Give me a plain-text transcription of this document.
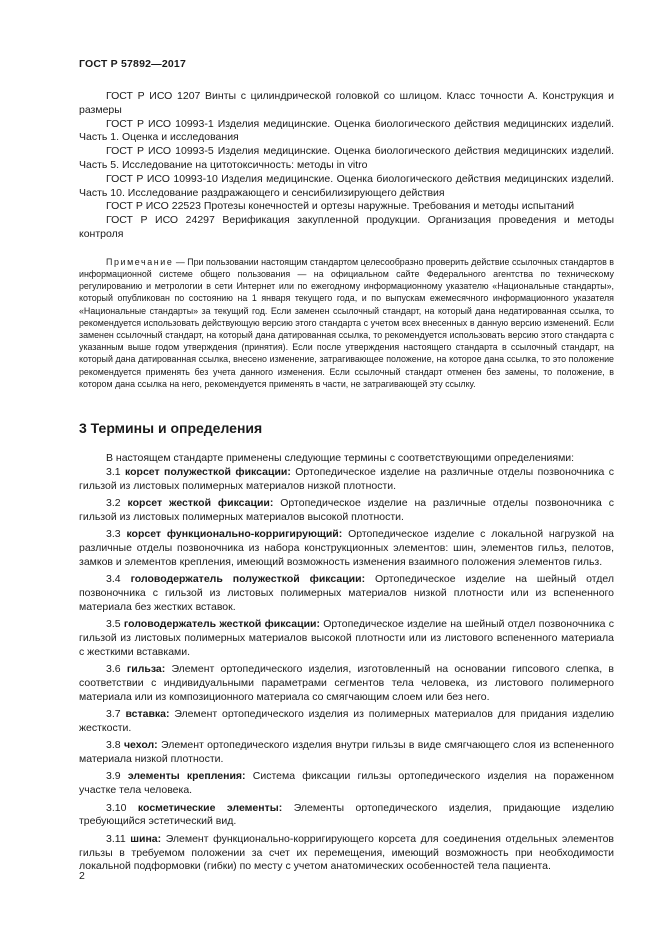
ГОСТ Р 57892—2017

ГОСТ Р ИСО 1207 Винты с цилиндрической головкой со шлицом. Класс точности А. Конструкция и размеры

ГОСТ Р ИСО 10993-1 Изделия медицинские. Оценка биологического действия медицинских изделий. Часть 1. Оценка и исследования

ГОСТ Р ИСО 10993-5 Изделия медицинские. Оценка биологического действия медицинских изделий. Часть 5. Исследование на цитотоксичность: методы in vitro

ГОСТ Р ИСО 10993-10 Изделия медицинские. Оценка биологического действия медицинских изделий. Часть 10. Исследование раздражающего и сенсибилизирующего действия

ГОСТ Р ИСО 22523 Протезы конечностей и ортезы наружные. Требования и методы испытаний

ГОСТ Р ИСО 24297 Верификация закупленной продукции. Организация проведения и методы контроля

Примечание — При пользовании настоящим стандартом целесообразно проверить действие ссылочных стандартов в информационной системе общего пользования — на официальном сайте Федерального агентства по техническому регулированию и метрологии в сети Интернет или по ежегодному информационному указателю «Национальные стандарты», который опубликован по состоянию на 1 января текущего года, и по выпускам ежемесячного информационного указателя «Национальные стандарты» за текущий год. Если заменен ссылочный стандарт, на который дана недатированная ссылка, то рекомендуется использовать действующую версию этого стандарта с учетом всех внесенных в данную версию изменений. Если заменен ссылочный стандарт, на который дана датированная ссылка, то рекомендуется использовать версию этого стандарта с указанным выше годом утверждения (принятия). Если после утверждения настоящего стандарта в ссылочный стандарт, на который дана датированная ссылка, внесено изменение, затрагивающее положение, на которое дана ссылка, то это положение рекомендуется применять без учета данного изменения. Если ссылочный стандарт отменен без замены, то положение, в котором дана ссылка на него, рекомендуется применять в части, не затрагивающей эту ссылку.

3 Термины и определения

В настоящем стандарте применены следующие термины с соответствующими определениями:

3.1 корсет полужесткой фиксации: Ортопедическое изделие на различные отделы позвоночника с гильзой из листовых полимерных материалов низкой плотности.

3.2 корсет жесткой фиксации: Ортопедическое изделие на различные отделы позвоночника с гильзой из листовых полимерных материалов высокой плотности.

3.3 корсет функционально-корригирующий: Ортопедическое изделие с локальной нагрузкой на различные отделы позвоночника из набора конструкционных элементов: шин, элементов гильз, пелотов, замков и элементов крепления, имеющий возможность изменения взаимного положения элементов гильз.

3.4 головодержатель полужесткой фиксации: Ортопедическое изделие на шейный отдел позвоночника с гильзой из листовых полимерных материалов низкой плотности или из вспененного материала без жестких вставок.

3.5 головодержатель жесткой фиксации: Ортопедическое изделие на шейный отдел позвоночника с гильзой из листовых полимерных материалов высокой плотности или из листового вспененного материала с жесткими вставками.

3.6 гильза: Элемент ортопедического изделия, изготовленный на основании гипсового слепка, в соответствии с индивидуальными параметрами сегментов тела человека, из листового полимерного материала или из композиционного материала со смягчающим слоем или без него.

3.7 вставка: Элемент ортопедического изделия из полимерных материалов для придания изделию жесткости.

3.8 чехол: Элемент ортопедического изделия внутри гильзы в виде смягчающего слоя из вспененного материала низкой плотности.

3.9 элементы крепления: Система фиксации гильзы ортопедического изделия на пораженном участке тела человека.

3.10 косметические элементы: Элементы ортопедического изделия, придающие изделию требующийся эстетический вид.

3.11 шина: Элемент функционально-корригирующего корсета для соединения отдельных элементов гильзы в требуемом положении за счет их перемещения, имеющий возможность при необходимости локальной подформовки (гибки) по месту с учетом анатомических особенностей тела пациента.

2
